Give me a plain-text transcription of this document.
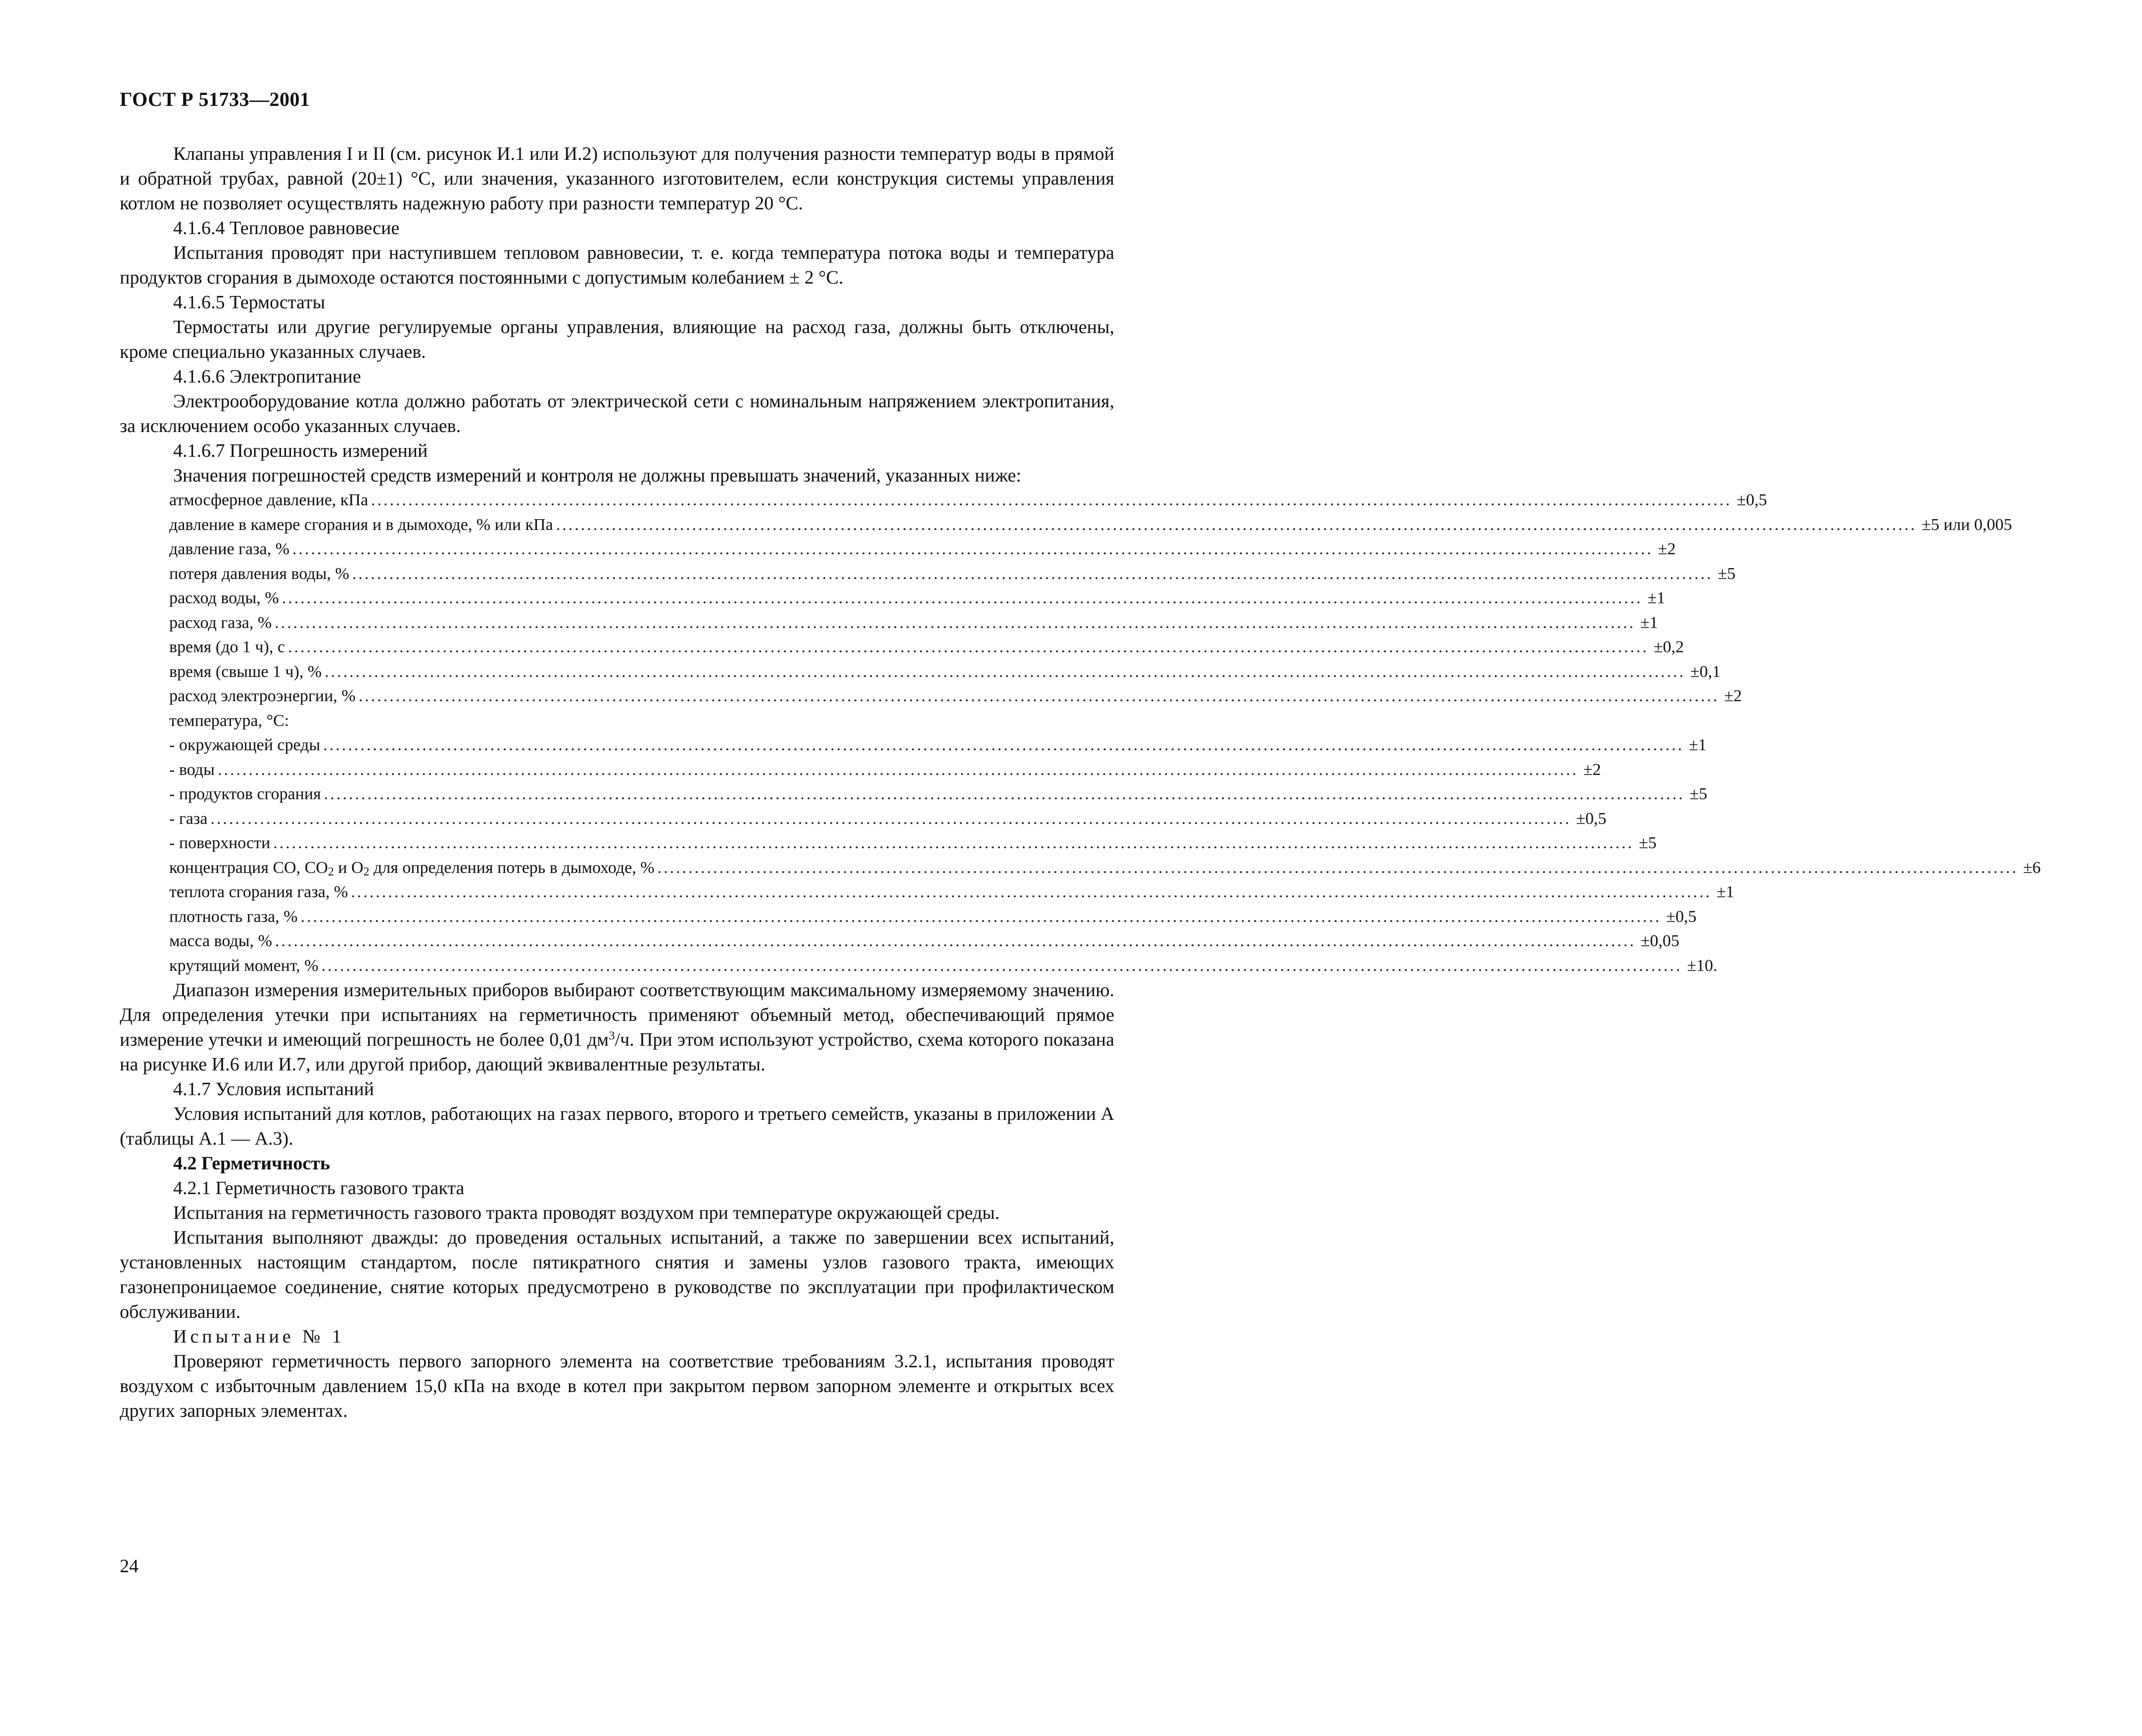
ГОСТ Р 51733—2001

Клапаны управления I и II (см. рисунок И.1 или И.2) используют для получения разности температур воды в прямой и обратной трубах, равной (20±1) °С, или значения, указанного изготовителем, если конструкция системы управления котлом не позволяет осуществлять надежную работу при разности температур 20 °С.

4.1.6.4 Тепловое равновесие

Испытания проводят при наступившем тепловом равновесии, т. е. когда температура потока воды и температура продуктов сгорания в дымоходе остаются постоянными с допустимым колебанием ± 2 °С.

4.1.6.5 Термостаты

Термостаты или другие регулируемые органы управления, влияющие на расход газа, должны быть отключены, кроме специально указанных случаев.

4.1.6.6 Электропитание

Электрооборудование котла должно работать от электрической сети с номинальным напряжением электропитания, за исключением особо указанных случаев.

4.1.6.7 Погрешность измерений

Значения погрешностей средств измерений и контроля не должны превышать значений, указанных ниже:

атмосферное давление, кПа ............................................................................................................................................................................................................................ ±0,5
давление в камере сгорания и в дымоходе, % или кПа ............................................................................................................................................................................................................................ ±5 или 0,005
давление газа, % ............................................................................................................................................................................................................................ ±2
потеря давления воды, % ............................................................................................................................................................................................................................ ±5
расход воды, % ............................................................................................................................................................................................................................ ±1
расход газа, % ............................................................................................................................................................................................................................ ±1
время (до 1 ч), с ............................................................................................................................................................................................................................ ±0,2
время (свыше 1 ч), % ............................................................................................................................................................................................................................ ±0,1
расход электроэнергии, % ............................................................................................................................................................................................................................ ±2
температура, °С:
- окружающей среды ............................................................................................................................................................................................................................ ±1
- воды ............................................................................................................................................................................................................................ ±2
- продуктов сгорания ............................................................................................................................................................................................................................ ±5
- газа ............................................................................................................................................................................................................................ ±0,5
- поверхности ............................................................................................................................................................................................................................ ±5
концентрация CO, $CO_2$ и $O_2$ для определения потерь в дымоходе, % ............................................................................................................................................................................................................................ ±6
теплота сгорания газа, % ............................................................................................................................................................................................................................ ±1
плотность газа, % ............................................................................................................................................................................................................................ ±0,5
масса воды, % ............................................................................................................................................................................................................................ ±0,05
крутящий момент, % ............................................................................................................................................................................................................................ ±10.

Диапазон измерения измерительных приборов выбирают соответствующим максимальному измеряемому значению. Для определения утечки при испытаниях на герметичность применяют объемный метод, обеспечивающий прямое измерение утечки и имеющий погрешность не более 0,01 $дм^3/ч$. При этом используют устройство, схема которого показана на рисунке И.6 или И.7, или другой прибор, дающий эквивалентные результаты.

4.1.7 Условия испытаний

Условия испытаний для котлов, работающих на газах первого, второго и третьего семейств, указаны в приложении А (таблицы А.1 — А.3).

4.2 Герметичность

4.2.1 Герметичность газового тракта

Испытания на герметичность газового тракта проводят воздухом при температуре окружающей среды.

Испытания выполняют дважды: до проведения остальных испытаний, а также по завершении всех испытаний, установленных настоящим стандартом, после пятикратного снятия и замены узлов газового тракта, имеющих газонепроницаемое соединение, снятие которых предусмотрено в руководстве по эксплуатации при профилактическом обслуживании.

Испытание № 1

Проверяют герметичность первого запорного элемента на соответствие требованиям 3.2.1, испытания проводят воздухом с избыточным давлением 15,0 кПа на входе в котел при закрытом первом запорном элементе и открытых всех других запорных элементах.

24
